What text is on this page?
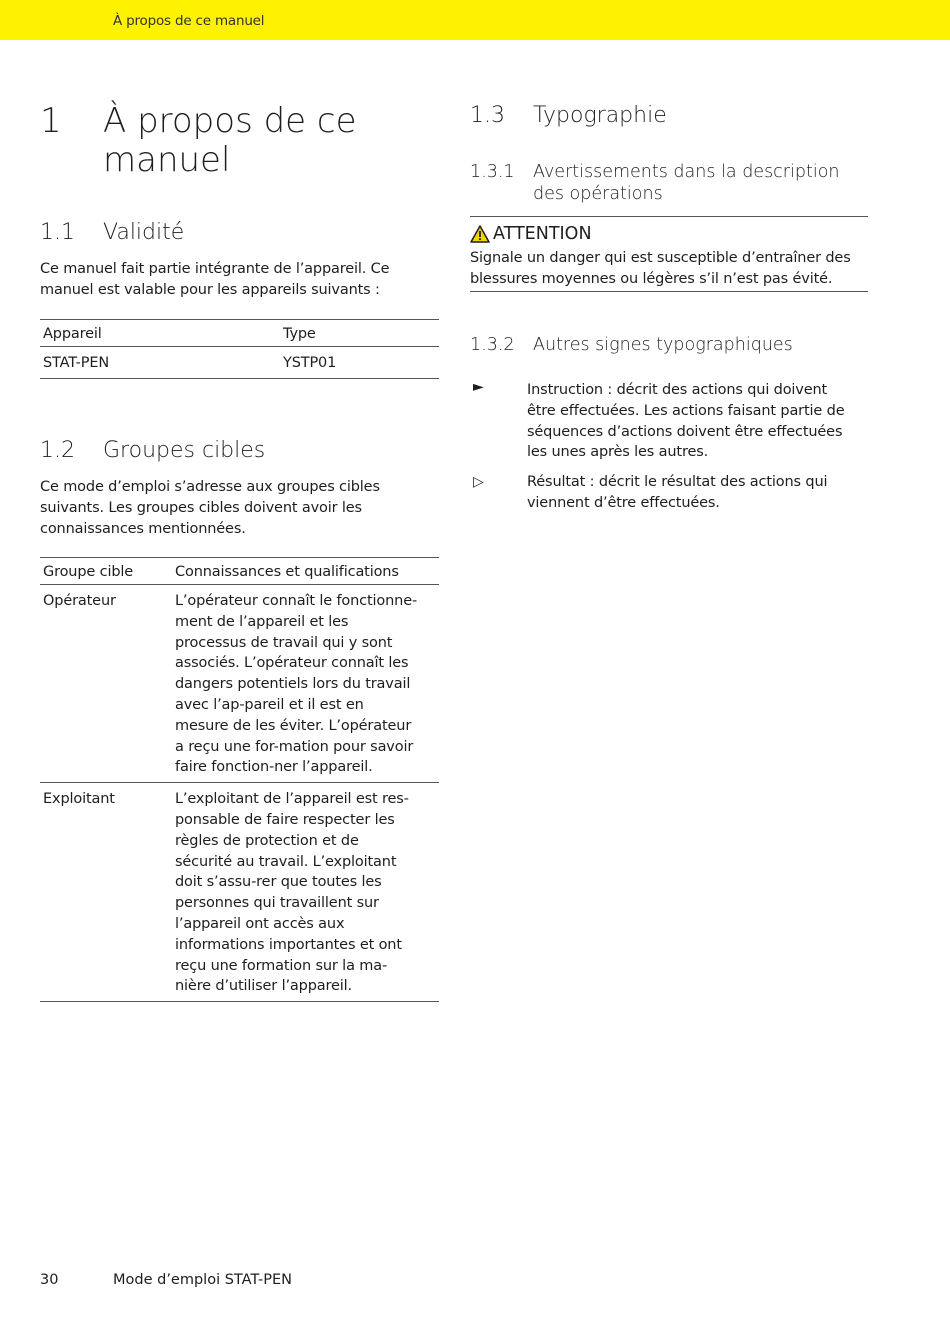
À propos de ce manuel
1 À propos de ce manuel
1.1 Validité
Ce manuel fait partie intégrante de l’appareil. Ce manuel est valable pour les appareils suivants :
Appareil	Type
STAT-PEN	YSTP01
1.2 Groupes cibles
Ce mode d’emploi s’adresse aux groupes cibles suivants. Les groupes cibles doivent avoir les connaissances mentionnées.
Groupe cible	Connaissances et qualifications
Opérateur	L’opérateur connaît le fonctionne-ment de l’appareil et les processus de travail qui y sont associés. L’opérateur connaît les dangers potentiels lors du travail avec l’ap-pareil et il est en mesure de les éviter. L’opérateur a reçu une for-mation pour savoir faire fonction-ner l’appareil.
Exploitant	L’exploitant de l’appareil est res-ponsable de faire respecter les règles de protection et de sécurité au travail. L’exploitant doit s’assu-rer que toutes les personnes qui travaillent sur l’appareil ont accès aux informations importantes et ont reçu une formation sur la ma-nière d’utiliser l’appareil.
1.3 Typographie
1.3.1 Avertissements dans la description des opérations
ATTENTION
Signale un danger qui est susceptible d’entraîner des blessures moyennes ou légères s’il n’est pas évité.
1.3.2 Autres signes typographiques
►	Instruction : décrit des actions qui doivent être effectuées. Les actions faisant partie de séquences d’actions doivent être effectuées les unes après les autres.
▷	Résultat : décrit le résultat des actions qui viennent d’être effectuées.
30	Mode d’emploi STAT-PEN
